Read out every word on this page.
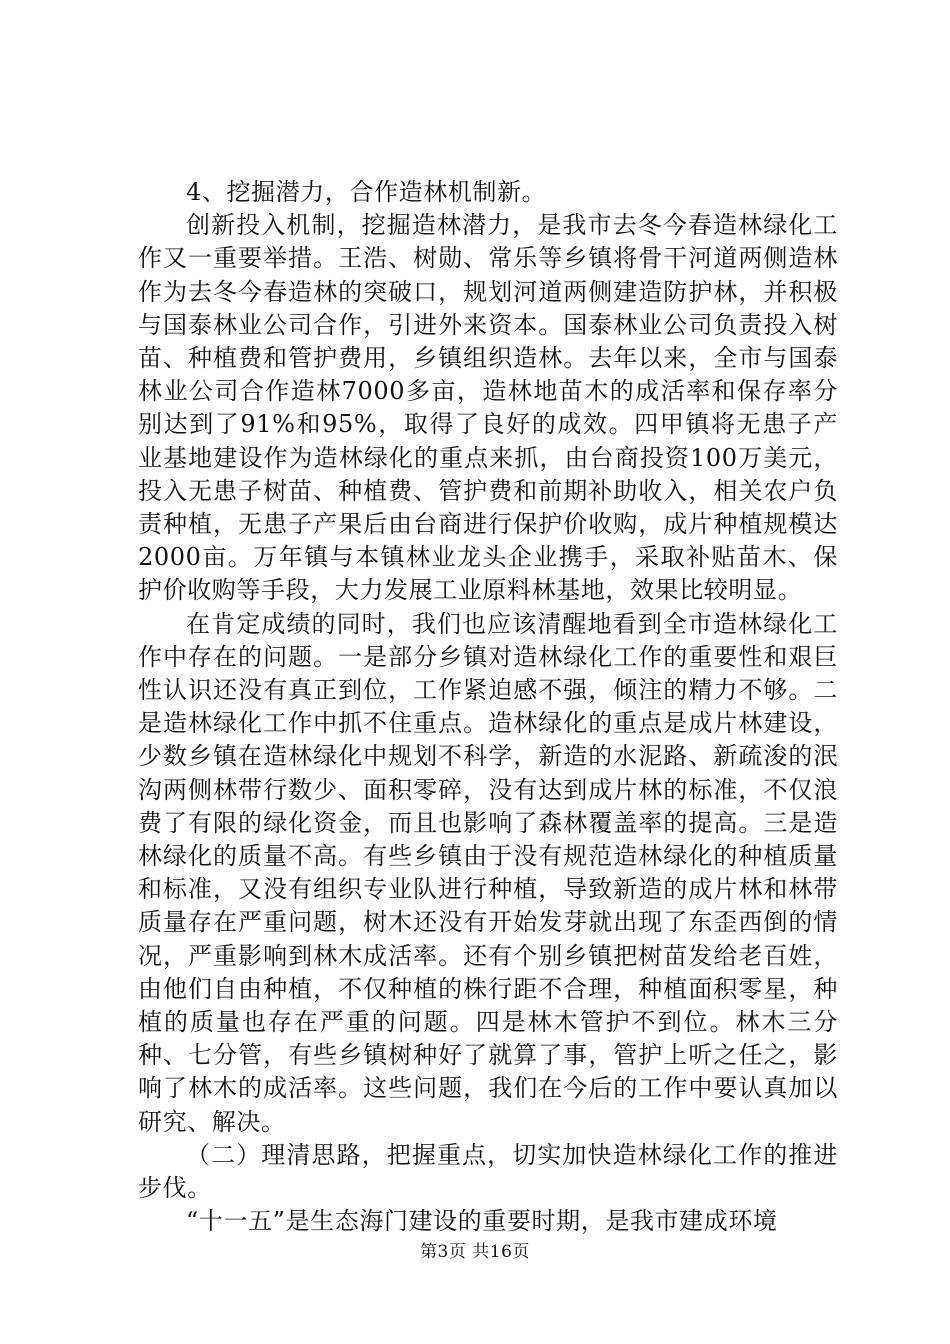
4、挖掘潜力，合作造林机制新。

创新投入机制，挖掘造林潜力，是我市去冬今春造林绿化工作又一重要举措。王浩、树勋、常乐等乡镇将骨干河道两侧造林作为去冬今春造林的突破口，规划河道两侧建造防护林，并积极与国泰林业公司合作，引进外来资本。国泰林业公司负责投入树苗、种植费和管护费用，乡镇组织造林。去年以来，全市与国泰林业公司合作造林7000多亩，造林地苗木的成活率和保存率分别达到了91%和95%，取得了良好的成效。四甲镇将无患子产业基地建设作为造林绿化的重点来抓，由台商投资100万美元，投入无患子树苗、种植费、管护费和前期补助收入，相关农户负责种植，无患子产果后由台商进行保护价收购，成片种植规模达2000亩。万年镇与本镇林业龙头企业携手，采取补贴苗木、保护价收购等手段，大力发展工业原料林基地，效果比较明显。

在肯定成绩的同时，我们也应该清醒地看到全市造林绿化工作中存在的问题。一是部分乡镇对造林绿化工作的重要性和艰巨性认识还没有真正到位，工作紧迫感不强，倾注的精力不够。二是造林绿化工作中抓不住重点。造林绿化的重点是成片林建设，少数乡镇在造林绿化中规划不科学，新造的水泥路、新疏浚的泯沟两侧林带行数少、面积零碎，没有达到成片林的标准，不仅浪费了有限的绿化资金，而且也影响了森林覆盖率的提高。三是造林绿化的质量不高。有些乡镇由于没有规范造林绿化的种植质量和标准，又没有组织专业队进行种植，导致新造的成片林和林带质量存在严重问题，树木还没有开始发芽就出现了东歪西倒的情况，严重影响到林木成活率。还有个别乡镇把树苗发给老百姓，由他们自由种植，不仅种植的株行距不合理，种植面积零星，种植的质量也存在严重的问题。四是林木管护不到位。林木三分种、七分管，有些乡镇树种好了就算了事，管护上听之任之，影响了林木的成活率。这些问题，我们在今后的工作中要认真加以研究、解决。

（二）理清思路，把握重点，切实加快造林绿化工作的推进步伐。

“十一五”是生态海门建设的重要时期，是我市建成环境

第3页 共16页
